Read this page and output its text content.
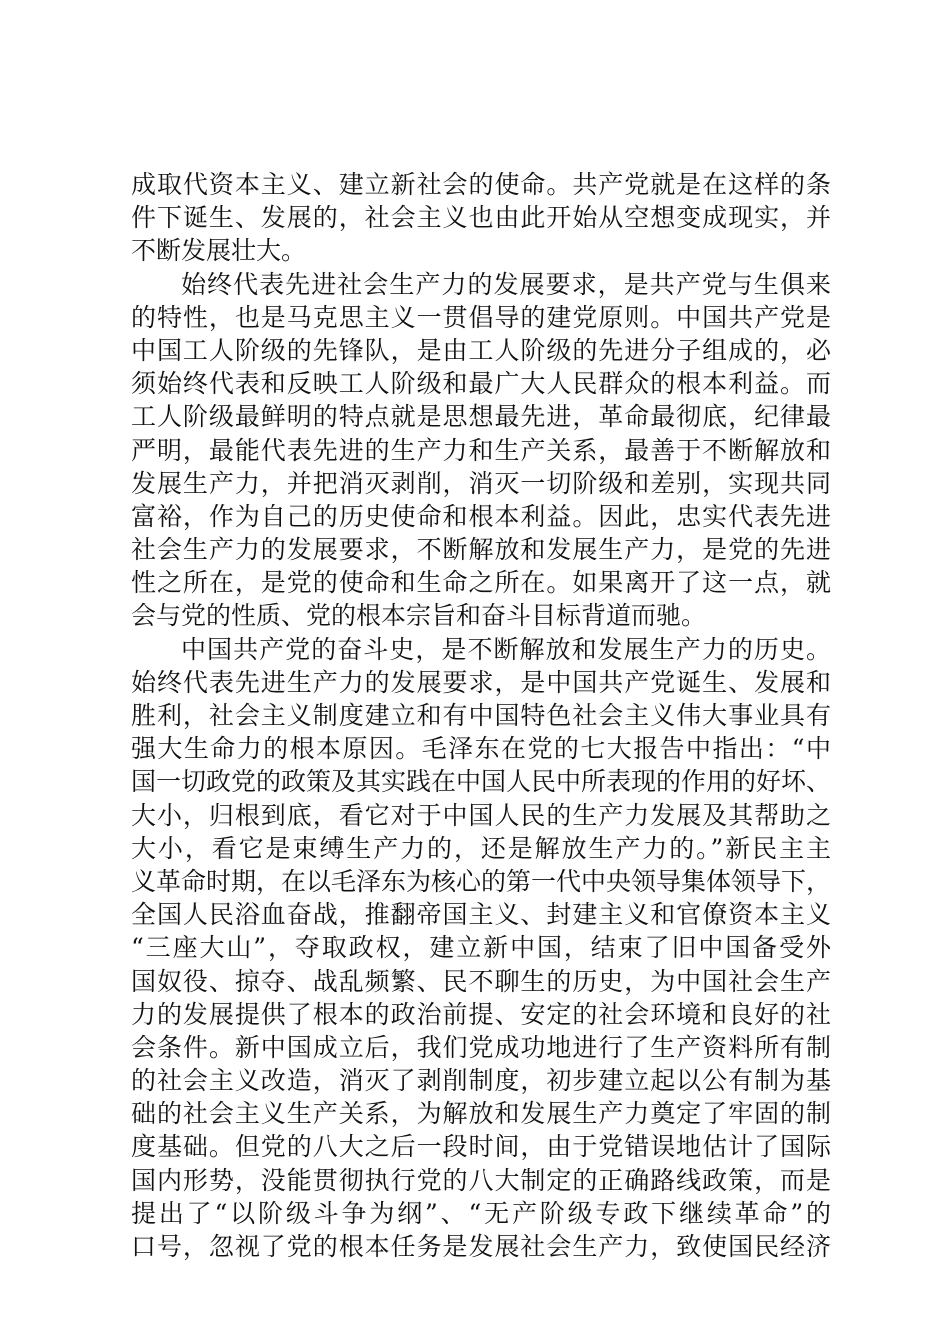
成取代资本主义、建立新社会的使命。共产党就是在这样的条
件下诞生、发展的，社会主义也由此开始从空想变成现实，并
不断发展壮大。
始终代表先进社会生产力的发展要求，是共产党与生俱来
的特性，也是马克思主义一贯倡导的建党原则。中国共产党是
中国工人阶级的先锋队，是由工人阶级的先进分子组成的，必
须始终代表和反映工人阶级和最广大人民群众的根本利益。而
工人阶级最鲜明的特点就是思想最先进，革命最彻底，纪律最
严明，最能代表先进的生产力和生产关系，最善于不断解放和
发展生产力，并把消灭剥削，消灭一切阶级和差别，实现共同
富裕，作为自己的历史使命和根本利益。因此，忠实代表先进
社会生产力的发展要求，不断解放和发展生产力，是党的先进
性之所在，是党的使命和生命之所在。如果离开了这一点，就
会与党的性质、党的根本宗旨和奋斗目标背道而驰。
中国共产党的奋斗史，是不断解放和发展生产力的历史。
始终代表先进生产力的发展要求，是中国共产党诞生、发展和
胜利，社会主义制度建立和有中国特色社会主义伟大事业具有
强大生命力的根本原因。毛泽东在党的七大报告中指出：“中
国一切政党的政策及其实践在中国人民中所表现的作用的好坏、
大小，归根到底，看它对于中国人民的生产力发展及其帮助之
大小，看它是束缚生产力的，还是解放生产力的。”新民主主
义革命时期，在以毛泽东为核心的第一代中央领导集体领导下，
全国人民浴血奋战，推翻帝国主义、封建主义和官僚资本主义
“三座大山”，夺取政权，建立新中国，结束了旧中国备受外
国奴役、掠夺、战乱频繁、民不聊生的历史，为中国社会生产
力的发展提供了根本的政治前提、安定的社会环境和良好的社
会条件。新中国成立后，我们党成功地进行了生产资料所有制
的社会主义改造，消灭了剥削制度，初步建立起以公有制为基
础的社会主义生产关系，为解放和发展生产力奠定了牢固的制
度基础。但党的八大之后一段时间，由于党错误地估计了国际
国内形势，没能贯彻执行党的八大制定的正确路线政策，而是
提出了“以阶级斗争为纲”、“无产阶级专政下继续革命”的
口号，忽视了党的根本任务是发展社会生产力，致使国民经济
